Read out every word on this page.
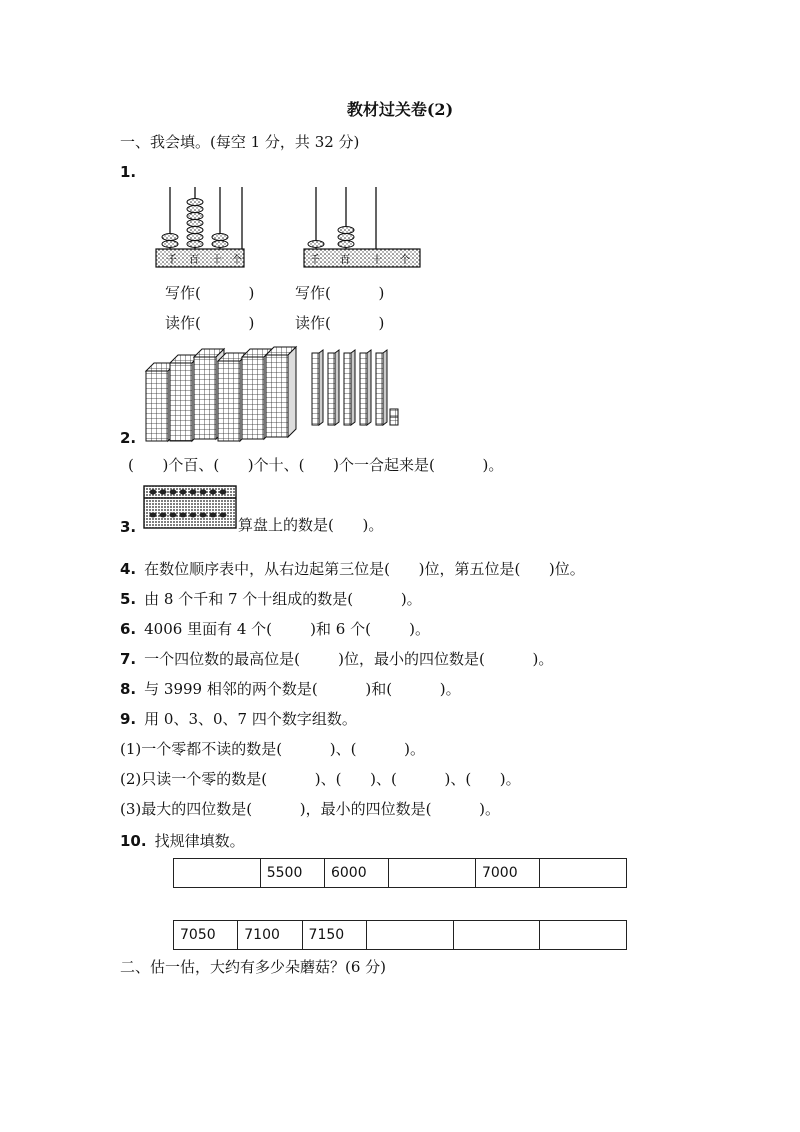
教材过关卷(2)
一、我会填。(每空 1 分，共 32 分)
1.
千 百 十 个	千 百 十 个
写作(          )	写作(          )
读作(          )	读作(          )
2.
(      )个百、(      )个十、(      )个一合起来是(          )。
3.	算盘上的数是(      )。
4. 在数位顺序表中，从右边起第三位是(      )位，第五位是(      )位。
5. 由 8 个千和 7 个十组成的数是(          )。
6. 4006 里面有 4 个(        )和 6 个(        )。
7. 一个四位数的最高位是(        )位，最小的四位数是(          )。
8. 与 3999 相邻的两个数是(          )和(          )。
9. 用 0、3、0、7 四个数字组数。
(1)一个零都不读的数是(          )、(          )。
(2)只读一个零的数是(          )、(      )、(          )、(      )。
(3)最大的四位数是(          )，最小的四位数是(          )。
10. 找规律填数。
	5500	6000		7000	
7050	7100	7150			
二、估一估，大约有多少朵蘑菇？(6 分)
